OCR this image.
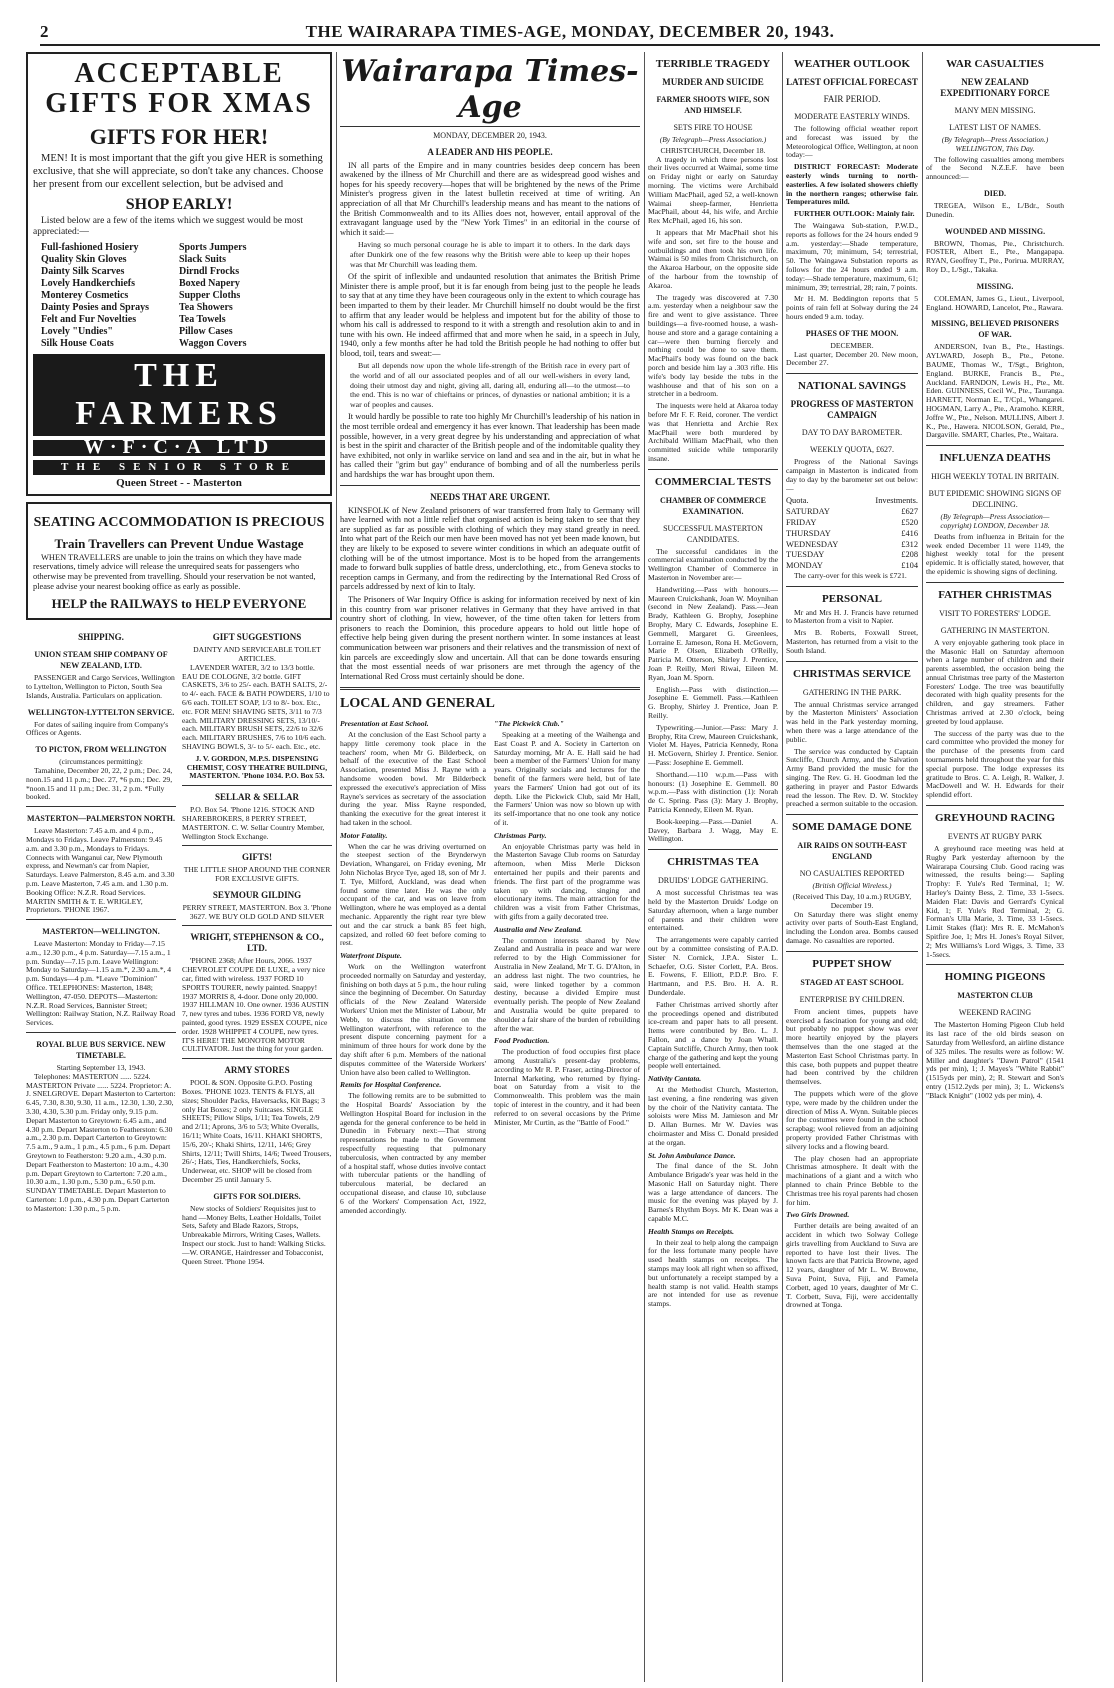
2	THE WAIRARAPA TIMES-AGE, MONDAY, DECEMBER 20, 1943.
ACCEPTABLE GIFTS FOR XMAS
GIFTS FOR HER!

MEN! It is most important that the gift you give HER is something exclusive, that she will appreciate, so don't take any chances. Choose her present from our excellent selection, but be advised and

SHOP EARLY!

Listed below are a few of the items which we suggest would be most appreciated:—

Full-fashioned Hosiery
Quality Skin Gloves
Dainty Silk Scarves
Lovely Handkerchiefs
Monterey Cosmetics
Dainty Posies and Sprays
Felt and Fur Novelties
Lovely "Undies"
Silk House Coats
Sports Jumpers
Slack Suits
Dirndl Frocks
Boxed Napery
Supper Cloths
Tea Showers
Tea Towels
Pillow Cases
Waggon Covers
THE FARMERS
W·F·C·A LTD
THE SENIOR STORE
Queen Street - - Masterton
SEATING ACCOMMODATION IS PRECIOUS
Train Travellers can Prevent Undue Wastage

WHEN TRAVELLERS are unable to join the trains on which they have made reservations, timely advice will release the unrequired seats for passengers who otherwise may be prevented from travelling. Should your reservation be not wanted, please advise your nearest booking office as early as possible.

HELP the RAILWAYS to HELP EVERYONE
SHIPPING.
UNION STEAM SHIP COMPANY OF NEW ZEALAND, LTD.

PASSENGER and Cargo Services, Wellington to Lyttelton, Wellington to Picton, South Sea Islands, Australia. Particulars on application.

WELLINGTON-LYTTELTON SERVICE.

For dates of sailing inquire from Company's Offices or Agents.

TO PICTON, FROM WELLINGTON
(circumstances permitting):

Tamahine, December 20, 22, 2 p.m.; Dec. 24, noon.15 and 11 p.m.; Dec. 27, *6 p.m.; Dec. 29, *noon.15 and 11 p.m.; Dec. 31, 2 p.m. *Fully booked.

MASTERTON—PALMERSTON NORTH.

Leave Masterton: 7.45 a.m. and 4 p.m., Mondays to Fridays. Leave Palmerston: 9.45 a.m. and 3.30 p.m., Mondays to Fridays. Connects with Wanganui car, New Plymouth express, and Newman's car from Napier, Saturdays. Leave Palmerston, 8.45 a.m. and 3.30 p.m. Leave Masterton, 7.45 a.m. and 1.30 p.m. Booking Office: N.Z.R. Road Services. MARTIN SMITH & T. E. WRIGLEY, Proprietors. 'PHONE 1967.

MASTERTON—WELLINGTON.

Leave Masterton: Monday to Friday—7.15 a.m., 12.30 p.m., 4 p.m. Saturday—7.15 a.m., 1 p.m. Sunday—7.15 p.m. Leave Wellington: Monday to Saturday—1.15 a.m.*, 2.30 a.m.*, 4 p.m. Sundays—4 p.m. *Leave "Dominion" Office. TELEPHONES: Masterton, 1848; Wellington, 47-050. DEPOTS—Masterton: N.Z.R. Road Services, Bannister Street; Wellington: Railway Station, N.Z. Railway Road Services.

ROYAL BLUE BUS SERVICE. NEW TIMETABLE.
Starting September 13, 1943.

Telephones: MASTERTON ...... 5224. MASTERTON Private ...... 5224. Proprietor: A. J. SNELGROVE. Depart Masterton to Carterton: 6.45, 7.30, 8.30, 9.30, 11 a.m., 12.30, 1.30, 2.30, 3.30, 4.30, 5.30 p.m. Friday only, 9.15 p.m. Depart Masterton to Greytown: 6.45 a.m., and 4.30 p.m. Depart Masterton to Featherston: 6.30 a.m., 2.30 p.m. Depart Carterton to Greytown: 7.5 a.m., 9 a.m., 1 p.m., 4.5 p.m., 6 p.m. Depart Greytown to Featherston: 9.20 a.m., 4.30 p.m. Depart Featherston to Masterton: 10 a.m., 4.30 p.m. Depart Greytown to Carterton: 7.20 a.m., 10.30 a.m., 1.30 p.m., 5.30 p.m., 6.50 p.m. SUNDAY TIMETABLE. Depart Masterton to Carterton: 1.0 p.m., 4.30 p.m. Depart Carterton to Masterton: 1.30 p.m., 5 p.m.

GIFT SUGGESTIONS
DAINTY AND SERVICEABLE TOILET ARTICLES.

LAVENDER WATER, 3/2 to 13/3 bottle. EAU DE COLOGNE, 3/2 bottle. GIFT CASKETS, 3/6 to 25/- each. BATH SALTS, 2/- to 4/- each. FACE & BATH POWDERS, 1/10 to 6/6 each. TOILET SOAP, 1/3 to 8/- box. Etc., etc. FOR MEN! SHAVING SETS, 3/11 to 7/3 each. MILITARY DRESSING SETS, 13/10/- each. MILITARY BRUSH SETS, 22/6 to 32/6 each. MILITARY BRUSHES, 7/6 to 10/6 each. SHAVING BOWLS, 3/- to 5/- each. Etc., etc.

J. V. GORDON, M.P.S. DISPENSING CHEMIST, COSY THEATRE BUILDING, MASTERTON. 'Phone 1034. P.O. Box 53.

SELLAR & SELLAR

P.O. Box 54. 'Phone 1216. STOCK AND SHAREBROKERS, 8 PERRY STREET, MASTERTON. C. W. Sellar Country Member, Wellington Stock Exchange.

GIFTS!

THE LITTLE SHOP AROUND THE CORNER FOR EXCLUSIVE GIFTS.

SEYMOUR GILDING

PERRY STREET, MASTERTON. Box 3. 'Phone 3627. WE BUY OLD GOLD AND SILVER

WRIGHT, STEPHENSON & CO., LTD.

'PHONE 2368; After Hours, 2066. 1937 CHEVROLET COUPE DE LUXE, a very nice car, fitted with wireless. 1937 FORD 10 SPORTS TOURER, newly painted. Snappy! 1937 MORRIS 8, 4-door. Done only 20,000. 1937 HILLMAN 10. One owner. 1936 AUSTIN 7, new tyres and tubes. 1936 FORD V8, newly painted, good tyres. 1929 ESSEX COUPE, nice order. 1928 WHIPPET 4 COUPE, new tyres. IT'S HERE! THE MONOTOR MOTOR CULTIVATOR. Just the thing for your garden.

ARMY STORES

POOL & SON. Opposite G.P.O. Posting Boxes. 'PHONE 1023. TENTS & FLYS, all sizes; Shoulder Packs, Haversacks, Kit Bags; 3 only Hat Boxes; 2 only Suitcases. SINGLE SHEETS; Pillow Slips, 1/11; Tea Towels, 2/9 and 2/11; Aprons, 3/6 to 5/3; White Overalls, 16/11; White Coats, 16/11. KHAKI SHORTS, 15/6, 20/-; Khaki Shirts, 12/11, 14/6; Grey Shirts, 12/11; Twill Shirts, 14/6; Tweed Trousers, 26/-; Hats, Ties, Handkerchiefs, Socks, Underwear, etc. SHOP will be closed from December 25 until January 5.

GIFTS FOR SOLDIERS.

New stocks of Soldiers' Requisites just to hand —Money Belts, Leather Holdalls, Toilet Sets, Safety and Blade Razors, Strops, Unbreakable Mirrors, Writing Cases, Wallets. Inspect our stock. Just to hand: Walking Sticks.—W. ORANGE, Hairdresser and Tobacconist, Queen Street. 'Phone 1954.

Wairarapa Times-Age
MONDAY, DECEMBER 20, 1943.
A LEADER AND HIS PEOPLE.

IN all parts of the Empire and in many countries besides deep concern has been awakened by the illness of Mr Churchill and there are as widespread good wishes and hopes for his speedy recovery—hopes that will be brightened by the news of the Prime Minister's progress given in the latest bulletin received at time of writing. An appreciation of all that Mr Churchill's leadership means and has meant to the nations of the British Commonwealth and to its Allies does not, however, entail approval of the extravagant language used by the "New York Times" in an editorial in the course of which it said:—

Having so much personal courage he is able to impart it to others. In the dark days after Dunkirk one of the few reasons why the British were able to keep up their hopes was that Mr Churchill was leading them.

Of the spirit of inflexible and undaunted resolution that animates the British Prime Minister there is ample proof, but it is far enough from being just to the people he leads to say that at any time they have been courageous only in the extent to which courage has been imparted to them by their leader. Mr Churchill himself no doubt would be the first to affirm that any leader would be helpless and impotent but for the ability of those to whom his call is addressed to respond to it with a strength and resolution akin to and in tune with his own. He indeed affirmed that and more when he said, in a speech in July, 1940, only a few months after he had told the British people he had nothing to offer but blood, toil, tears and sweat:—

But all depends now upon the whole life-strength of the British race in every part of the world and of all our associated peoples and of all our well-wishers in every land, doing their utmost day and night, giving all, daring all, enduring all—to the utmost—to the end. This is no war of chieftains or princes, of dynasties or national ambition; it is a war of peoples and causes.

It would hardly be possible to rate too highly Mr Churchill's leadership of his nation in the most terrible ordeal and emergency it has ever known. That leadership has been made possible, however, in a very great degree by his understanding and appreciation of what is best in the spirit and character of the British people and of the indomitable quality they have exhibited, not only in warlike service on land and sea and in the air, but in what he has called their "grim but gay" endurance of bombing and of all the numberless perils and hardships the war has brought upon them.

NEEDS THAT ARE URGENT.

KINSFOLK of New Zealand prisoners of war transferred from Italy to Germany will have learned with not a little relief that organised action is being taken to see that they are supplied as far as possible with clothing of which they may stand greatly in need. Into what part of the Reich our men have been moved has not yet been made known, but they are likely to be exposed to severe winter conditions in which an adequate outfit of clothing will be of the utmost importance. Most is to be hoped from the arrangements made to forward bulk supplies of battle dress, underclothing, etc., from Geneva stocks to reception camps in Germany, and from the redirecting by the International Red Cross of parcels addressed by next of kin to Italy.

The Prisoners of War Inquiry Office is asking for information received by next of kin in this country from war prisoner relatives in Germany that they have arrived in that country short of clothing. In view, however, of the time often taken for letters from prisoners to reach the Dominion, this procedure appears to hold out little hope of effective help being given during the present northern winter. In some instances at least communication between war prisoners and their relatives and the transmission of next of kin parcels are exceedingly slow and uncertain. All that can be done towards ensuring that the most essential needs of war prisoners are met through the agency of the International Red Cross must certainly should be done.

LOCAL AND GENERAL

Presentation at East School.

At the conclusion of the East School party a happy little ceremony took place in the teachers' room, when Mr G. Bilderbeck, on behalf of the executive of the East School Association, presented Miss J. Rayne with a handsome wooden bowl. Mr Bilderbeck expressed the executive's appreciation of Miss Rayne's services as secretary of the association during the year. Miss Rayne responded, thanking the executive for the great interest it had taken in the school.

Motor Fatality.

When the car he was driving overturned on the steepest section of the Brynderwyn Deviation, Whangarei, on Friday evening, Mr John Nicholas Bryce Tye, aged 18, son of Mr J. T. Tye, Milford, Auckland, was dead when found some time later. He was the only occupant of the car, and was on leave from Wellington, where he was employed as a dental mechanic. Apparently the right rear tyre blew out and the car struck a bank 85 feet high, capsized, and rolled 60 feet before coming to rest.

Waterfront Dispute.

Work on the Wellington waterfront proceeded normally on Saturday and yesterday, finishing on both days at 5 p.m., the hour ruling since the beginning of December. On Saturday officials of the New Zealand Waterside Workers' Union met the Minister of Labour, Mr Webb, to discuss the situation on the Wellington waterfront, with reference to the present dispute concerning payment for a minimum of three hours for work done by the day shift after 6 p.m. Members of the national disputes committee of the Waterside Workers' Union have also been called to Wellington.

Remits for Hospital Conference.

The following remits are to be submitted to the Hospital Boards' Association by the Wellington Hospital Board for inclusion in the agenda for the general conference to be held in Dunedin in February next:—That strong representations be made to the Government respectfully requesting that pulmonary tuberculosis, when contracted by any member of a hospital staff, whose duties involve contact with tubercular patients or the handling of tuberculous material, be declared an occupational disease, and clause 10, subclause 6 of the Workers' Compensation Act, 1922, amended accordingly.

"The Pickwick Club."

Speaking at a meeting of the Waihenga and East Coast P. and A. Society in Carterton on Saturday morning, Mr A. E. Hall said he had been a member of the Farmers' Union for many years. Originally socials and lectures for the benefit of the farmers were held, but of late years the Farmers' Union had got out of its depth. Like the Pickwick Club, said Mr Hall, the Farmers' Union was now so blown up with its self-importance that no one took any notice of it.

Christmas Party.

An enjoyable Christmas party was held in the Masterton Savage Club rooms on Saturday afternoon, when Miss Merle Dickson entertained her pupils and their parents and friends. The first part of the programme was taken up with dancing, singing and elocutionary items. The main attraction for the children was a visit from Father Christmas, with gifts from a gaily decorated tree.

Australia and New Zealand.

The common interests shared by New Zealand and Australia in peace and war were referred to by the High Commissioner for Australia in New Zealand, Mr T. G. D'Alton, in an address last night. The two countries, he said, were linked together by a common destiny, because a divided Empire must eventually perish. The people of New Zealand and Australia would be quite prepared to shoulder a fair share of the burden of rebuilding after the war.

Food Production.

The production of food occupies first place among Australia's present-day problems, according to Mr R. P. Fraser, acting-Director of Internal Marketing, who returned by flying-boat on Saturday from a visit to the Commonwealth. This problem was the main topic of interest in the country, and it had been referred to on several occasions by the Prime Minister, Mr Curtin, as the "Battle of Food."

TERRIBLE TRAGEDY
MURDER AND SUICIDE
FARMER SHOOTS WIFE, SON AND HIMSELF.
SETS FIRE TO HOUSE
(By Telegraph—Press Association.)
CHRISTCHURCH, December 18.

A tragedy in which three persons lost their lives occurred at Waimai, some time on Friday night or early on Saturday morning. The victims were Archibald William MacPhail, aged 52, a well-known Waimai sheep-farmer, Henrietta MacPhail, about 44, his wife, and Archie Rex McPhail, aged 16, his son.

It appears that Mr MacPhail shot his wife and son, set fire to the house and outbuildings and then took his own life. Waimai is 50 miles from Christchurch, on the Akaroa Harbour, on the opposite side of the harbour from the township of Akaroa.

The tragedy was discovered at 7.30 a.m. yesterday when a neighbour saw the fire and went to give assistance. Three buildings—a five-roomed house, a wash-house and store and a garage containing a car—were then burning fiercely and nothing could be done to save them. MacPhail's body was found on the back porch and beside him lay a .303 rifle. His wife's body lay beside the tubs in the washhouse and that of his son on a stretcher in a bedroom.

The inquests were held at Akaroa today before Mr F. F. Reid, coroner. The verdict was that Henrietta and Archie Rex MacPhail were both murdered by Archibald William MacPhail, who then committed suicide while temporarily insane.

COMMERCIAL TESTS
CHAMBER OF COMMERCE EXAMINATION.
SUCCESSFUL MASTERTON CANDIDATES.

The successful candidates in the commercial examination conducted by the Wellington Chamber of Commerce in Masterton in November are:—

Handwriting.—Pass with honours.—Maureen Cruickshank, Joan W. Moynihan (second in New Zealand). Pass.—Jean Brady, Kathleen G. Brophy, Josephine Brophy, Mary C. Edwards, Josephine E. Gemmell, Margaret G. Greenlees, Lorraine E. Jameson, Rona H. McGovern, Marie P. Olsen, Elizabeth O'Reilly, Patricia M. Otterson, Shirley J. Prentice, Joan P. Reilly, Meri Riwai, Eileen M. Ryan, Joan M. Sporn.

English.—Pass with distinction.—Josephine E. Gemmell. Pass.—Kathleen G. Brophy, Shirley J. Prentice, Joan P. Reilly.

Typewriting.—Junior.—Pass: Mary J. Brophy, Rita Crew, Maureen Cruickshank, Violet M. Hayes, Patricia Kennedy, Rona H. McGovern, Shirley J. Prentice. Senior.—Pass: Josephine E. Gemmell.

Shorthand.—110 w.p.m.—Pass with honours: (1) Josephine E. Gemmell. 80 w.p.m.—Pass with distinction (1): Norah de C. Spring. Pass (3): Mary J. Brophy, Patricia Kennedy, Eileen M. Ryan.

Book-keeping.—Pass.—Daniel A. Davey, Barbara J. Wagg, May E. Wellington.

CHRISTMAS TEA
DRUIDS' LODGE GATHERING.

A most successful Christmas tea was held by the Masterton Druids' Lodge on Saturday afternoon, when a large number of parents and their children were entertained.

The arrangements were capably carried out by a committee consisting of P.A.D. Sister N. Cornick, J.P.A. Sister L. Schaefer, O.G. Sister Corlett, P.A. Bros. E. Fowens, F. Elliott, P.D.P. Bro. F. Hartmann, and P.S. Bro. H. A. R. Dunderdale.

Father Christmas arrived shortly after the proceedings opened and distributed ice-cream and paper hats to all present. Items were contributed by Bro. L. J. Fallon, and a dance by Joan Whall. Captain Sutcliffe, Church Army, then took charge of the gathering and kept the young people well entertained.

Nativity Cantata.

At the Methodist Church, Masterton, last evening, a fine rendering was given by the choir of the Nativity cantata. The soloists were Miss M. Jamieson and Mr D. Allan Burnes. Mr W. Davies was choirmaster and Miss C. Donald presided at the organ.

St. John Ambulance Dance.

The final dance of the St. John Ambulance Brigade's year was held in the Masonic Hall on Saturday night. There was a large attendance of dancers. The music for the evening was played by J. Barnes's Rhythm Boys. Mr K. Dean was a capable M.C.

Health Stamps on Receipts.

In their zeal to help along the campaign for the less fortunate many people have used health stamps on receipts. The stamps may look all right when so affixed, but unfortunately a receipt stamped by a health stamp is not valid. Health stamps are not intended for use as revenue stamps.

WEATHER OUTLOOK
LATEST OFFICIAL FORECAST
FAIR PERIOD.
MODERATE EASTERLY WINDS.

The following official weather report and forecast was issued by the Meteorological Office, Wellington, at noon today:—

DISTRICT FORECAST: Moderate easterly winds turning to north-easterlies. A few isolated showers chiefly in the northern ranges; otherwise fair. Temperatures mild.

FURTHER OUTLOOK: Mainly fair.

The Waingawa Sub-station, P.W.D., reports as follows for the 24 hours ended 9 a.m. yesterday:—Shade temperature, maximum, 70; minimum, 54; terrestrial, 50. The Waingawa Substation reports as follows for the 24 hours ended 9 a.m. today:—Shade temperature, maximum, 61; minimum, 39; terrestrial, 28; rain, 7 points.

Mr H. M. Beddington reports that 5 points of rain fell at Solway during the 24 hours ended 9 a.m. today.

PHASES OF THE MOON.
DECEMBER.

Last quarter, December 20. New moon, December 27.

NATIONAL SAVINGS
PROGRESS OF MASTERTON CAMPAIGN
DAY TO DAY BAROMETER.
WEEKLY QUOTA, £627.

Progress of the National Savings campaign in Masterton is indicated from day to day by the barometer set out below:—

Quota.	Investments.
SATURDAY	£627
FRIDAY	£520
THURSDAY	£416
WEDNESDAY	£312
TUESDAY	£208
MONDAY	£104

The carry-over for this week is £721.

PERSONAL

Mr and Mrs H. J. Francis have returned to Masterton from a visit to Napier.

Mrs B. Roberts, Foxwall Street, Masterton, has returned from a visit to the South Island.

CHRISTMAS SERVICE
GATHERING IN THE PARK.

The annual Christmas service arranged by the Masterton Ministers' Association was held in the Park yesterday morning, when there was a large attendance of the public.

The service was conducted by Captain Sutcliffe, Church Army, and the Salvation Army Band provided the music for the singing. The Rev. G. H. Goodman led the gathering in prayer and Pastor Edwards read the lesson. The Rev. D. W. Stockley preached a sermon suitable to the occasion.

SOME DAMAGE DONE
AIR RAIDS ON SOUTH-EAST ENGLAND
NO CASUALTIES REPORTED
(British Official Wireless.)
(Received This Day, 10 a.m.) RUGBY, December 19.

On Saturday there was slight enemy activity over parts of South-East England, including the London area. Bombs caused damage. No casualties are reported.

PUPPET SHOW
STAGED AT EAST SCHOOL
ENTERPRISE BY CHILDREN.

From ancient times, puppets have exercised a fascination for young and old; but probably no puppet show was ever more heartily enjoyed by the players themselves than the one staged at the Masterton East School Christmas party. In this case, both puppets and puppet theatre had been contrived by the children themselves.

The puppets which were of the glove type, were made by the children under the direction of Miss A. Wynn. Suitable pieces for the costumes were found in the school scrapbag; wool relieved from an adjoining property provided Father Christmas with silvery locks and a flowing beard.

The play chosen had an appropriate Christmas atmosphere. It dealt with the machinations of a giant and a witch who planned to chain Prince Bebble to the Christmas tree his royal parents had chosen for him.

Two Girls Drowned.

Further details are being awaited of an accident in which two Solway College girls travelling from Auckland to Suva are reported to have lost their lives. The known facts are that Patricia Browne, aged 12 years, daughter of Mr L. W. Browne, Suva Point, Suva, Fiji, and Pamela Corbett, aged 10 years, daughter of Mr C. T. Corbett, Suva, Fiji, were accidentally drowned at Tonga.

WAR CASUALTIES
NEW ZEALAND EXPEDITIONARY FORCE
MANY MEN MISSING.
LATEST LIST OF NAMES.
(By Telegraph—Press Association.) WELLINGTON, This Day.

The following casualties among members of the Second N.Z.E.F. have been announced:—

DIED.

TREGEA, Wilson E., L/Bdr., South Dunedin.

WOUNDED AND MISSING.

BROWN, Thomas, Pte., Christchurch. FOSTER, Albert E., Pte., Mangapapa. RYAN, Geoffrey T., Pte., Porirua. MURRAY, Roy D., L/Sgt., Takaka.

MISSING.

COLEMAN, James G., Lieut., Liverpool, England. HOWARD, Lancelot, Pte., Rawara.

MISSING, BELIEVED PRISONERS OF WAR.

ANDERSON, Ivan B., Pte., Hastings. AYLWARD, Joseph B., Pte., Petone. BAUME, Thomas W., T/Sgt., Brighton, England. BURKE, Francis B., Pte., Auckland. FARNDON, Lewis H., Pte., Mt. Eden. GUINNESS, Cecil W., Pte., Tauranga. HARNETT, Norman E., T/Cpl., Whangarei. HOGMAN, Larry A., Pte., Aramoho. KERR, Joffre W., Pte., Nelson. MULLINS, Albert J. K., Pte., Hawera. NICOLSON, Gerald, Pte., Dargaville. SMART, Charles, Pte., Waitara.

INFLUENZA DEATHS
HIGH WEEKLY TOTAL IN BRITAIN.
BUT EPIDEMIC SHOWING SIGNS OF DECLINING.
(By Telegraph—Press Association—copyright) LONDON, December 18.

Deaths from influenza in Britain for the week ended December 11 were 1149, the highest weekly total for the present epidemic. It is officially stated, however, that the epidemic is showing signs of declining.

FATHER CHRISTMAS
VISIT TO FORESTERS' LODGE.
GATHERING IN MASTERTON.

A very enjoyable gathering took place in the Masonic Hall on Saturday afternoon when a large number of children and their parents assembled, the occasion being the annual Christmas tree party of the Masterton Foresters' Lodge. The tree was beautifully decorated with high quality presents for the children, and gay streamers. Father Christmas arrived at 2.30 o'clock, being greeted by loud applause.

The success of the party was due to the card committee who provided the money for the purchase of the presents from card tournaments held throughout the year for this special purpose. The lodge expresses its gratitude to Bros. C. A. Leigh, R. Walker, J. MacDowell and W. H. Edwards for their splendid effort.

GREYHOUND RACING
EVENTS AT RUGBY PARK

A greyhound race meeting was held at Rugby Park yesterday afternoon by the Wairarapa Coursing Club. Good racing was witnessed, the results being:— Sapling Trophy: F. Yule's Red Terminal, 1; W. Harley's Dainty Bess, 2. Time, 33 1-5secs. Maiden Flat: Davis and Gerrard's Cynical Kid, 1; F. Yule's Red Terminal, 2; G. Forman's Ulla Marie, 3. Time, 33 1-5secs. Limit Stakes (flat): Mrs R. E. McMahon's Spitfire Joe, 1; Mrs H. Jones's Royal Silver, 2; Mrs Williams's Lord Wiggs, 3. Time, 33 1-5secs.

HOMING PIGEONS
MASTERTON CLUB
WEEKEND RACING

The Masterton Homing Pigeon Club held its last race of the old birds season on Saturday from Wellesford, an airline distance of 325 miles. The results were as follow: W. Miller and daughter's "Dawn Patrol" (1541 yds per min), 1; J. Mayes's "White Rabbit" (1515yds per min), 2; R. Stewart and Son's entry (1512.2yds per min), 3; L. Wickens's "Black Knight" (1002 yds per min), 4.
